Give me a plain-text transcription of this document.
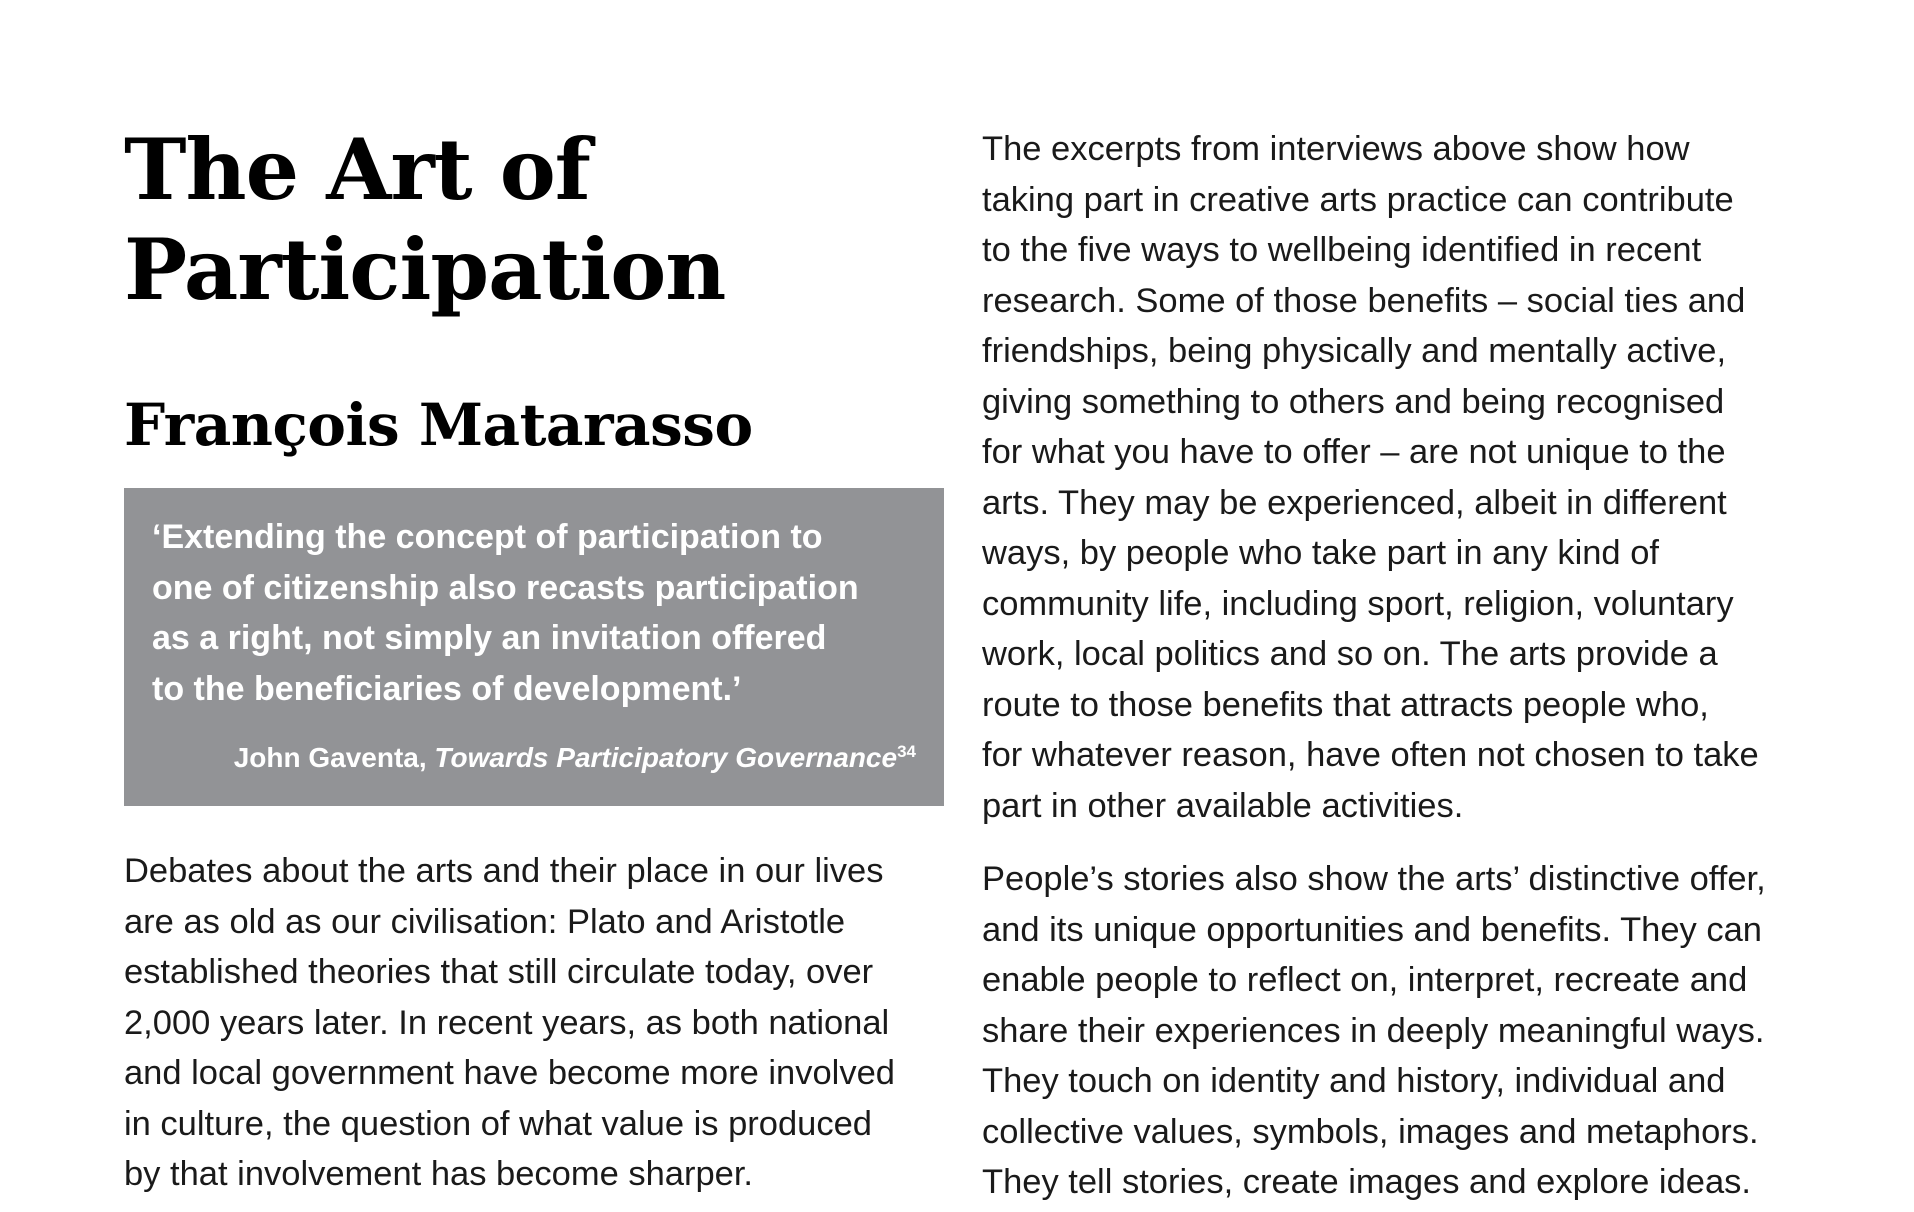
The Art of
Participation
François Matarasso

‘Extending the concept of participation to
one of citizenship also recasts participation
as a right, not simply an invitation offered
to the beneficiaries of development.’

John Gaventa, Towards Participatory Governance$^{34}$

Debates about the arts and their place in our lives
are as old as our civilisation: Plato and Aristotle
established theories that still circulate today, over
2,000 years later. In recent years, as both national
and local government have become more involved
in culture, the question of what value is produced
by that involvement has become sharper.

The excerpts from interviews above show how
taking part in creative arts practice can contribute
to the five ways to wellbeing identified in recent
research. Some of those benefits – social ties and
friendships, being physically and mentally active,
giving something to others and being recognised
for what you have to offer – are not unique to the
arts. They may be experienced, albeit in different
ways, by people who take part in any kind of
community life, including sport, religion, voluntary
work, local politics and so on. The arts provide a
route to those benefits that attracts people who,
for whatever reason, have often not chosen to take
part in other available activities.

People’s stories also show the arts’ distinctive offer,
and its unique opportunities and benefits. They can
enable people to reflect on, interpret, recreate and
share their experiences in deeply meaningful ways.
They touch on identity and history, individual and
collective values, symbols, images and metaphors.
They tell stories, create images and explore ideas.
